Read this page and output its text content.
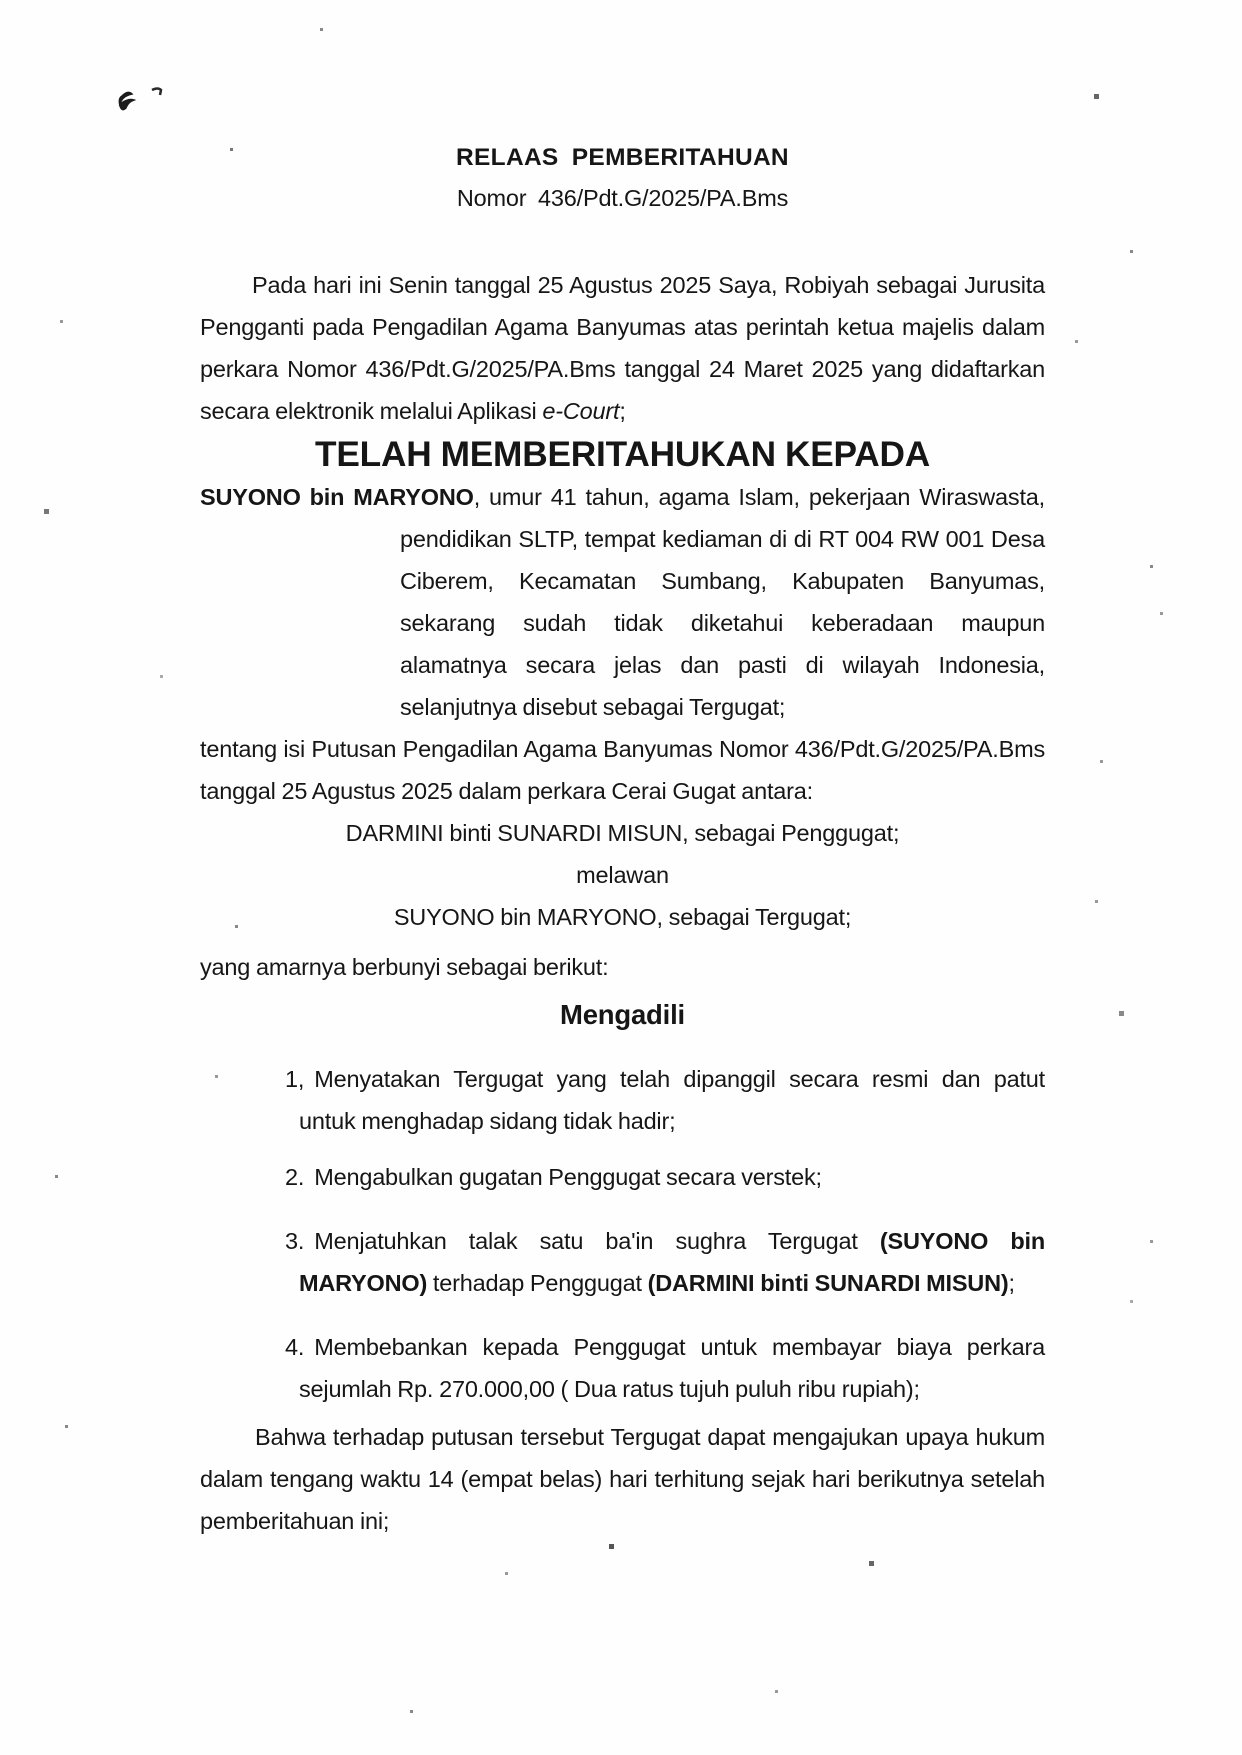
RELAAS  PEMBERITAHUAN
Nomor  436/Pdt.G/2025/PA.Bms

Pada hari ini Senin tanggal 25 Agustus 2025 Saya, Robiyah sebagai Jurusita Pengganti pada Pengadilan Agama Banyumas atas perintah ketua majelis dalam perkara Nomor 436/Pdt.G/2025/PA.Bms tanggal 24 Maret 2025 yang didaftarkan secara elektronik melalui Aplikasi e-Court;

TELAH MEMBERITAHUKAN KEPADA

SUYONO bin MARYONO, umur 41 tahun, agama Islam, pekerjaan Wiraswasta, pendidikan SLTP, tempat kediaman di di RT 004 RW 001 Desa Ciberem, Kecamatan Sumbang, Kabupaten Banyumas, sekarang sudah tidak diketahui keberadaan maupun alamatnya secara jelas dan pasti di wilayah Indonesia, selanjutnya disebut sebagai Tergugat;

tentang isi Putusan Pengadilan Agama Banyumas Nomor 436/Pdt.G/2025/PA.Bms tanggal 25 Agustus 2025 dalam perkara Cerai Gugat antara:

DARMINI binti SUNARDI MISUN, sebagai Penggugat;
melawan
SUYONO bin MARYONO, sebagai Tergugat;

yang amarnya berbunyi sebagai berikut:

Mengadili
1, Menyatakan Tergugat yang telah dipanggil secara resmi dan patut untuk menghadap sidang tidak hadir;
2. Mengabulkan gugatan Penggugat secara verstek;
3. Menjatuhkan talak satu ba'in sughra Tergugat (SUYONO bin MARYONO) terhadap Penggugat (DARMINI binti SUNARDI MISUN);
4. Membebankan kepada Penggugat untuk membayar biaya perkara sejumlah Rp. 270.000,00 ( Dua ratus tujuh puluh ribu rupiah);

Bahwa terhadap putusan tersebut Tergugat dapat mengajukan upaya hukum dalam tengang waktu 14 (empat belas) hari terhitung sejak hari berikutnya setelah pemberitahuan ini;
